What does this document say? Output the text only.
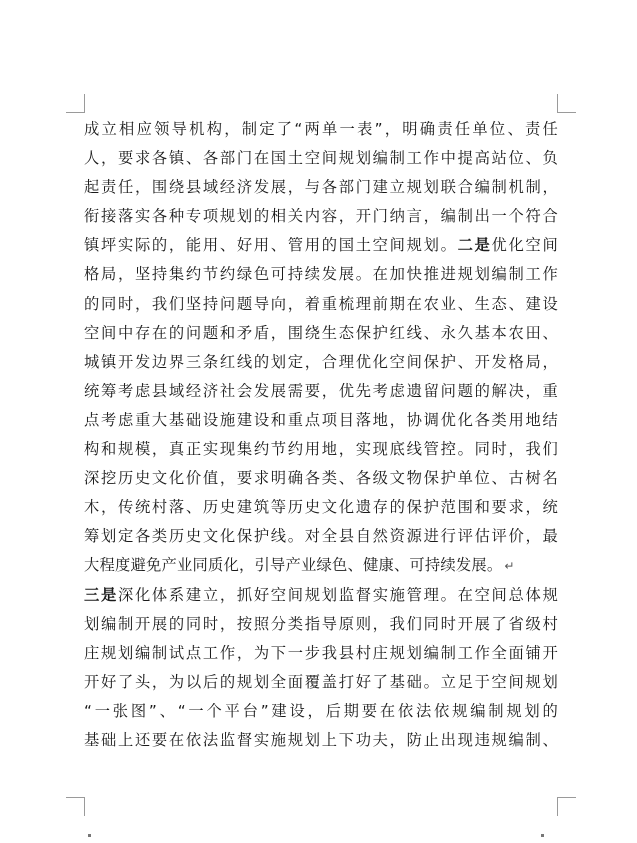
成立相应领导机构，制定了“两单一表”，明确责任单位、责任
人，要求各镇、各部门在国土空间规划编制工作中提高站位、负
起责任，围绕县域经济发展，与各部门建立规划联合编制机制，
衔接落实各种专项规划的相关内容，开门纳言，编制出一个符合
镇坪实际的，能用、好用、管用的国土空间规划。二是优化空间
格局，坚持集约节约绿色可持续发展。在加快推进规划编制工作
的同时，我们坚持问题导向，着重梳理前期在农业、生态、建设
空间中存在的问题和矛盾，围绕生态保护红线、永久基本农田、
城镇开发边界三条红线的划定，合理优化空间保护、开发格局，
统筹考虑县域经济社会发展需要，优先考虑遗留问题的解决，重
点考虑重大基础设施建设和重点项目落地，协调优化各类用地结
构和规模，真正实现集约节约用地，实现底线管控。同时，我们
深挖历史文化价值，要求明确各类、各级文物保护单位、古树名
木，传统村落、历史建筑等历史文化遗存的保护范围和要求，统
筹划定各类历史文化保护线。对全县自然资源进行评估评价，最
大程度避免产业同质化，引导产业绿色、健康、可持续发展。 ↵
三是深化体系建立，抓好空间规划监督实施管理。在空间总体规
划编制开展的同时，按照分类指导原则，我们同时开展了省级村
庄规划编制试点工作，为下一步我县村庄规划编制工作全面铺开
开好了头，为以后的规划全面覆盖打好了基础。立足于空间规划
“一张图”、“一个平台”建设，后期要在依法依规编制规划的
基础上还要在依法监督实施规划上下功夫，防止出现违规编制、
